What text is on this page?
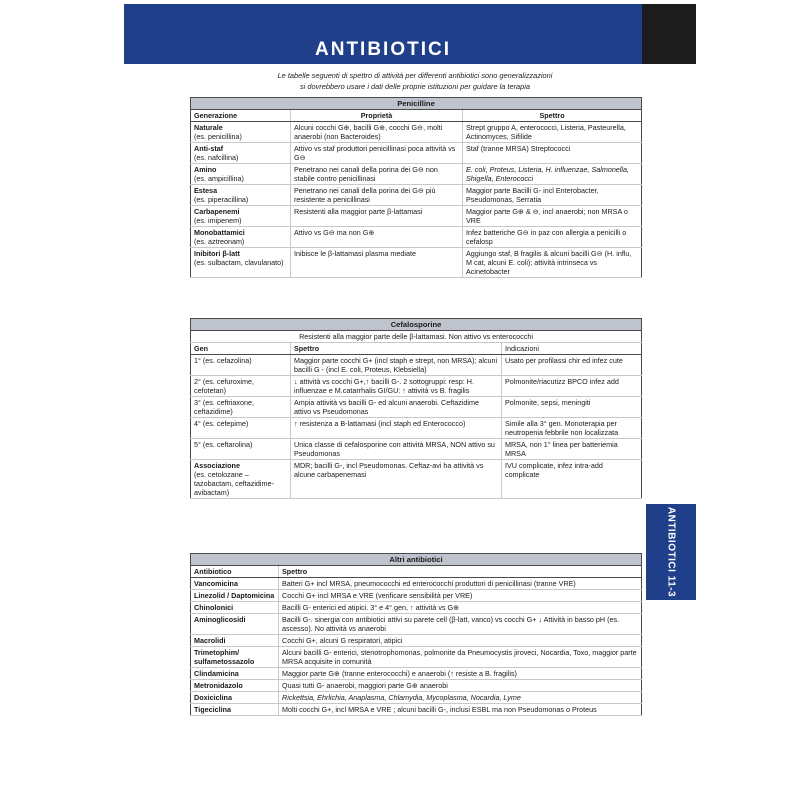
ANTIBIOTICI
ANTIBIOTICI 11-3
Le tabelle seguenti di spettro di attività per differenti antibiotici sono generalizzazioni
si dovrebbero usare i dati delle proprie istituzioni per guidare la terapia
Penicilline		
Generazione	Proprietà	Spettro

Naturale
(es. penicillina)	Alcuni cocchi G⊕, bacilli G⊕, cocchi G⊖, molti anaerobi (non Bacteroides)	Strept gruppo A, enterococci, Listeria, Pasteurella, Actinomyces, Sifilide

Anti-staf
(es. nafcillina)	Attivo vs staf produttori penicillinasi poca attività vs G⊖	Staf (tranne MRSA) Streptococci

Amino
(es. ampicillina)	Penetrano nei canali della porina dei G⊖ non stabile contro penicillinasi	E. coli, Proteus, Listeria, H. influenzae, Salmonella, Shigella, Enterococci

Estesa
(es. piperacillina)	Penetrano nei canali della porina dei G⊖ più resistente a penicillinasi	Maggior parte Bacilli G- incl Enterobacter, Pseudomonas, Serratia

Carbapenemi
(es. imipenem)	Resistenti alla maggior parte β-lattamasi	Maggior parte G⊕ & ⊖, incl anaerobi; non MRSA o VRE

Monobattamici
(es. aztreonam)	Attivo vs G⊖ ma non G⊕	Infez batteriche G⊖ in paz con allergia a penicilli o cefalosp

Inibitori β-latt
(es. sulbactam, clavulanato)	Inibisce le β-lattamasi plasma mediate	Aggiungo staf, B fragilis & alcuni bacilli G⊖ (H. influ, M cat, alcuni E. coli); attività intrinseca vs Acinetobacter
Cefalosporine		
Resistenti alla maggior parte delle β-lattamasi. Non attivo vs enterococchi		
Gen	Spettro	Indicazioni
1° (es. cefazolina)	Maggior parte cocchi G+ (incl staph e strept, non MRSA); alcuni bacilli G - (incl E. coli, Proteus, Klebsiella)	Usato per profilassi chir ed infez cute
2° (es. cefuroxime, cefotetan)	↓ attività vs cocchi G+,↑ bacilli G-. 2 sottogruppi: resp: H. influenzae e M.catarrhalis GI/GU: ↑ attività vs B. fragilis	Polmonite/riacutizz BPCO infez add
3° (es. ceftriaxone, ceftazidime)	Ampia attività vs bacilli G- ed alcuni anaerobi. Ceftazidime attivo vs Pseudomonas	Polmonite, sepsi, meningiti
4° (es. cefepime)	↑ resistenza a B-lattamasi (incl staph ed Enterococco)	Simile alla 3° gen. Monoterapia per neutropenia febbrile non localizzata
5° (es. ceftarolina)	Unica classe di cefalosporine con attività MRSA, NON attivo su Pseudomonas	MRSA, non 1° linea per batteriemia MRSA

Associazione
(es. cetolozane – tazobactam, ceftazidime-avibactam)	MDR; bacilli G-, incl Pseudomonas. Ceftaz-avi ha attività vs alcune carbapenemasi	IVU complicate, infez intra-add complicate
Altri antibiotici	
Antibiotico	Spettro
Vancomicina	Batteri G+ incl MRSA, pneumococchi ed enterococchi produttori di penicillinasi (tranne VRE)
Linezolid / Daptomicina	Cocchi G+ incl MRSA e VRE (verificare sensibilità per VRE)
Chinolonici	Bacilli G- enterici ed atipici. 3° e 4° gen, ↑ attività vs G⊕
Aminoglicosidi	Bacilli G-. sinergia con antibiotici attivi su parete cell (β-latt, vanco) vs cocchi G+ ↓ Attività in basso pH (es. ascesso). No attività vs anaerobi
Macrolidi	Cocchi G+, alcuni G respiratori, atipici
Trimetophim/ sulfametossazolo	Alcuni bacilli G- enterici, stenotrophomonas, polmonite da Pneumocystis jiroveci, Nocardia, Toxo, maggior parte MRSA acquisite in comunità
Clindamicina	Maggior parte G⊕ (tranne enterococchi) e anaerobi (↑ resiste a B. fragilis)
Metronidazolo	Quasi tutti G- anaerobi, maggiori parte G⊕ anaerobi
Doxiciclina	Rickettsia, Ehrlichia, Anaplasma, Chlamydia, Mycoplasma, Nocardia, Lyme
Tigeciclina	Molti cocchi G+, incl MRSA e VRE ; alcuni bacilli G-, inclusi ESBL ma non Pseudomonas o Proteus
